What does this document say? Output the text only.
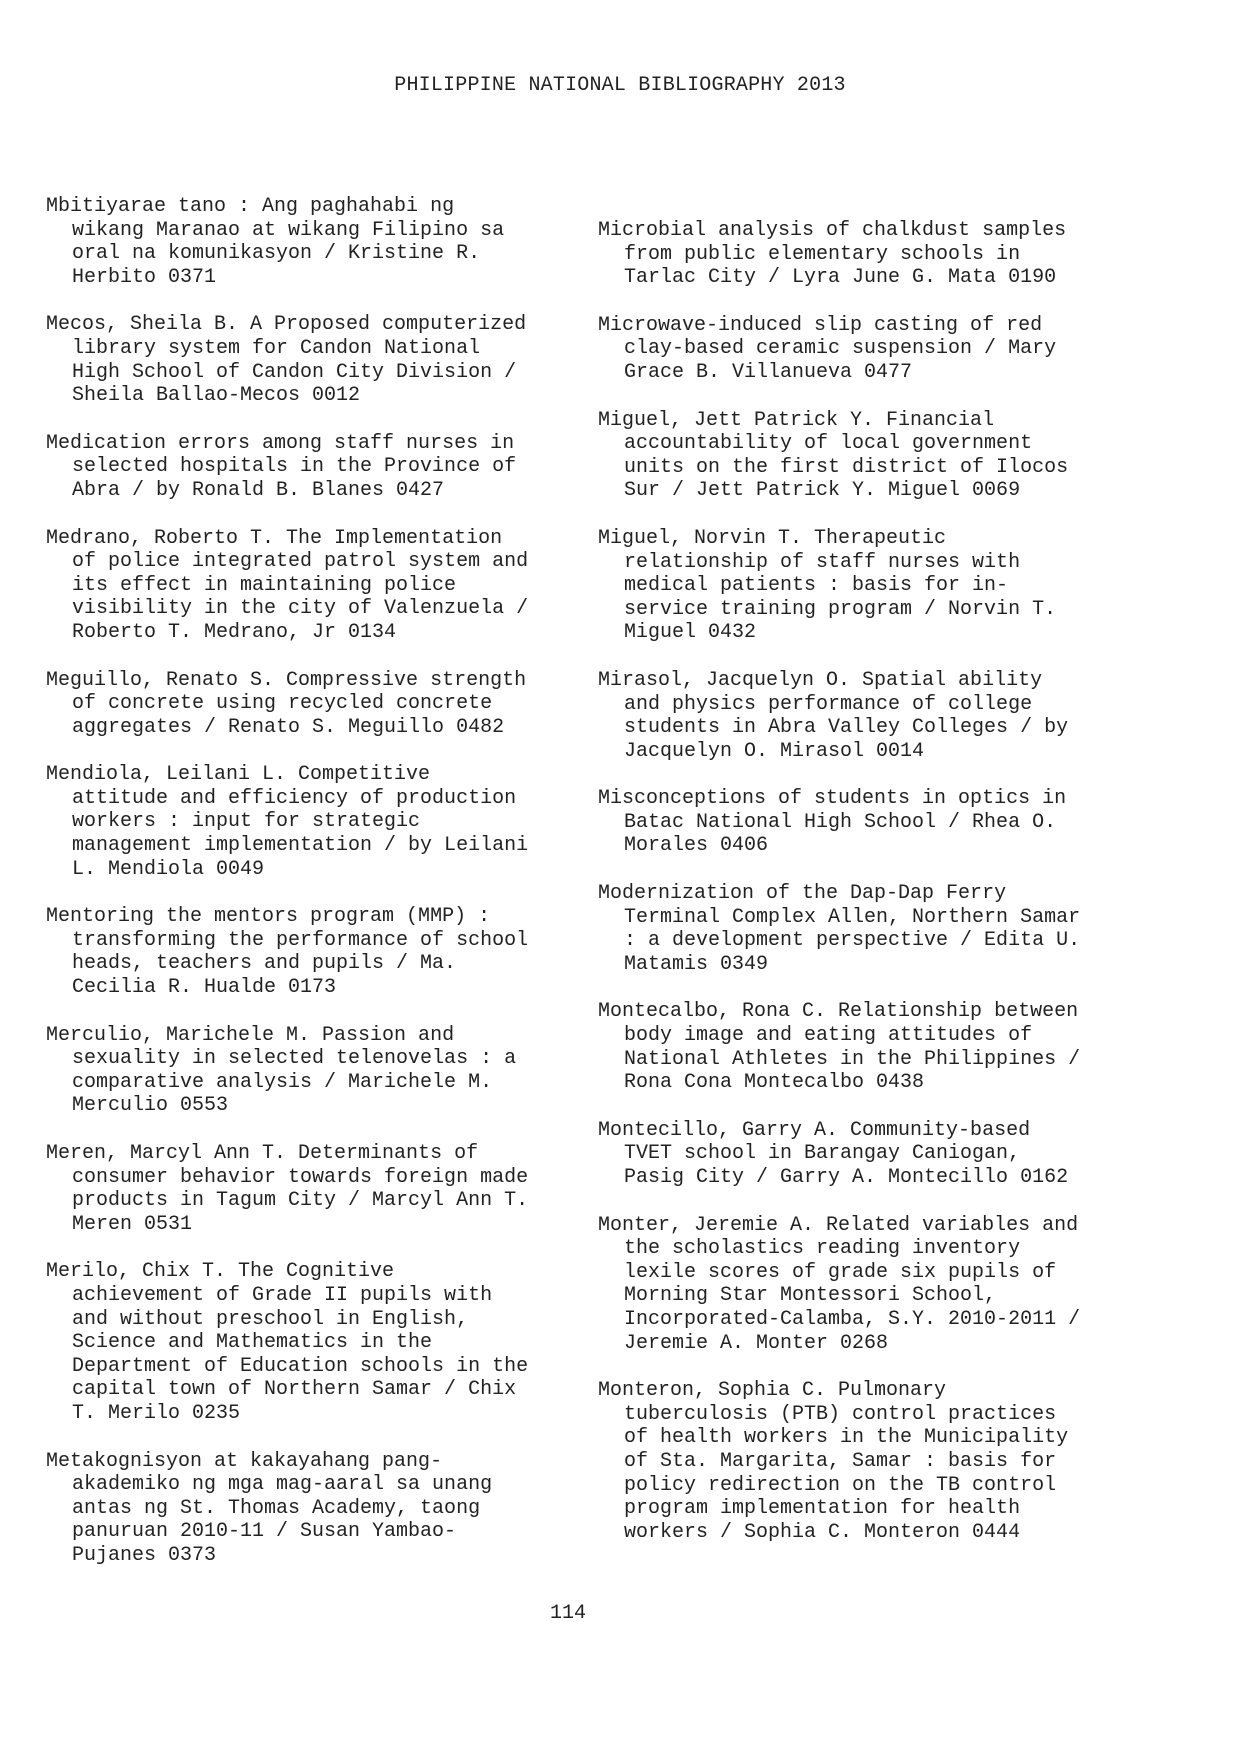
PHILIPPINE NATIONAL BIBLIOGRAPHY 2013
Mbitiyarae tano : Ang paghahabi ng
wikang Maranao at wikang Filipino sa
oral na komunikasyon / Kristine R.
Herbito 0371
Mecos, Sheila B. A Proposed computerized
library system for Candon National
High School of Candon City Division /
Sheila Ballao-Mecos 0012
Medication errors among staff nurses in
selected hospitals in the Province of
Abra / by Ronald B. Blanes 0427
Medrano, Roberto T. The Implementation
of police integrated patrol system and
its effect in maintaining police
visibility in the city of Valenzuela /
Roberto T. Medrano, Jr 0134
Meguillo, Renato S. Compressive strength
of concrete using recycled concrete
aggregates / Renato S. Meguillo 0482
Mendiola, Leilani L. Competitive
attitude and efficiency of production
workers : input for strategic
management implementation / by Leilani
L. Mendiola 0049
Mentoring the mentors program (MMP) :
transforming the performance of school
heads, teachers and pupils / Ma.
Cecilia R. Hualde 0173
Merculio, Marichele M. Passion and
sexuality in selected telenovelas : a
comparative analysis / Marichele M.
Merculio 0553
Meren, Marcyl Ann T. Determinants of
consumer behavior towards foreign made
products in Tagum City / Marcyl Ann T.
Meren 0531
Merilo, Chix T. The Cognitive
achievement of Grade II pupils with
and without preschool in English,
Science and Mathematics in the
Department of Education schools in the
capital town of Northern Samar / Chix
T. Merilo 0235
Metakognisyon at kakayahang pang-
akademiko ng mga mag-aaral sa unang
antas ng St. Thomas Academy, taong
panuruan 2010-11 / Susan Yambao-
Pujanes 0373
Microbial analysis of chalkdust samples
from public elementary schools in
Tarlac City / Lyra June G. Mata 0190
Microwave-induced slip casting of red
clay-based ceramic suspension / Mary
Grace B. Villanueva 0477
Miguel, Jett Patrick Y. Financial
accountability of local government
units on the first district of Ilocos
Sur / Jett Patrick Y. Miguel 0069
Miguel, Norvin T. Therapeutic
relationship of staff nurses with
medical patients : basis for in-
service training program / Norvin T.
Miguel 0432
Mirasol, Jacquelyn O. Spatial ability
and physics performance of college
students in Abra Valley Colleges / by
Jacquelyn O. Mirasol 0014
Misconceptions of students in optics in
Batac National High School / Rhea O.
Morales 0406
Modernization of the Dap-Dap Ferry
Terminal Complex Allen, Northern Samar
: a development perspective / Edita U.
Matamis 0349
Montecalbo, Rona C. Relationship between
body image and eating attitudes of
National Athletes in the Philippines /
Rona Cona Montecalbo 0438
Montecillo, Garry A. Community-based
TVET school in Barangay Caniogan,
Pasig City / Garry A. Montecillo 0162
Monter, Jeremie A. Related variables and
the scholastics reading inventory
lexile scores of grade six pupils of
Morning Star Montessori School,
Incorporated-Calamba, S.Y. 2010-2011 /
Jeremie A. Monter 0268
Monteron, Sophia C. Pulmonary
tuberculosis (PTB) control practices
of health workers in the Municipality
of Sta. Margarita, Samar : basis for
policy redirection on the TB control
program implementation for health
workers / Sophia C. Monteron 0444
114
